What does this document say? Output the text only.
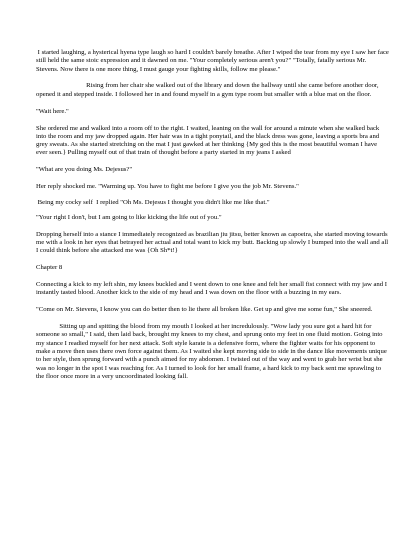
I started laughing, a hysterical hyena type laugh so hard I couldn't barely breathe. After I wiped the tear from my eye I saw her face still held the same stoic expression and it dawned on me. "Your completely serious aren't you?" "Totally, fatally serious Mr. Stevens. Now there is one more thing, I must gauge your fighting skills, follow me please."

Rising from her chair she walked out of the library and down the hallway until she came before another door, opened it and stepped inside. I followed her in and found myself in a gym type room but smaller with a blue mat on the floor.

"Wait here."

She ordered me and walked into a room off to the right. I waited, leaning on the wall for around a minute when she walked back into the room and my jaw dropped again. Her hair was in a tight ponytail, and the black dress was gone, leaving a sports bra and grey sweats. As she started stretching on the mat I just gawked at her thinking {My god this is the most beautiful woman I have ever seen.} Pulling myself out of that train of thought before a party started in my jeans I asked

"What are you doing Ms. Dejesus?"

Her reply shocked me. "Warming up. You have to fight me before I give you the job Mr. Stevens."

Being my cocky self  I replied "Oh Ms. Dejesus I thought you didn't like me like that."

"Your right I don't, but I am going to like kicking the life out of you."

Dropping herself into a stance I immediately recognized as brazilian jiu jitsu, better known as capoeira, she started moving towards me with a look in her eyes that betrayed her actual and total want to kick my butt. Backing up slowly I bumped into the wall and all I could think before she attacked me was {Oh Sh*t!}

Chapter 8

Connecting a kick to my left shin, my knees buckled and I went down to one knee and felt her small fist connect with my jaw and I instantly tasted blood. Another kick to the side of my head and I was down on the floor with a buzzing in my ears.

"Come on Mr. Stevens, I know you can do better then to lie there all broken like. Get up and give me some fun," She sneered.

Sitting up and spitting the blood from my mouth I looked at her incredulously. "Wow lady you sure got a hard hit for someone so small," I said, then laid back, brought my knees to my chest, and sprung onto my feet in one fluid motion. Going into my stance I readied myself for her next attack. Soft style karate is a defensive form, where the fighter waits for his opponent to make a move then uses there own force against them. As I waited she kept moving side to side in the dance like movements unique to her style, then sprung forward with a punch aimed for my abdomen. I twisted out of the way and went to grab her wrist but she was no longer in the spot I was reaching for. As I turned to look for her small frame, a hard kick to my back sent me sprawling to the floor once more in a very uncoordinated looking fall.
